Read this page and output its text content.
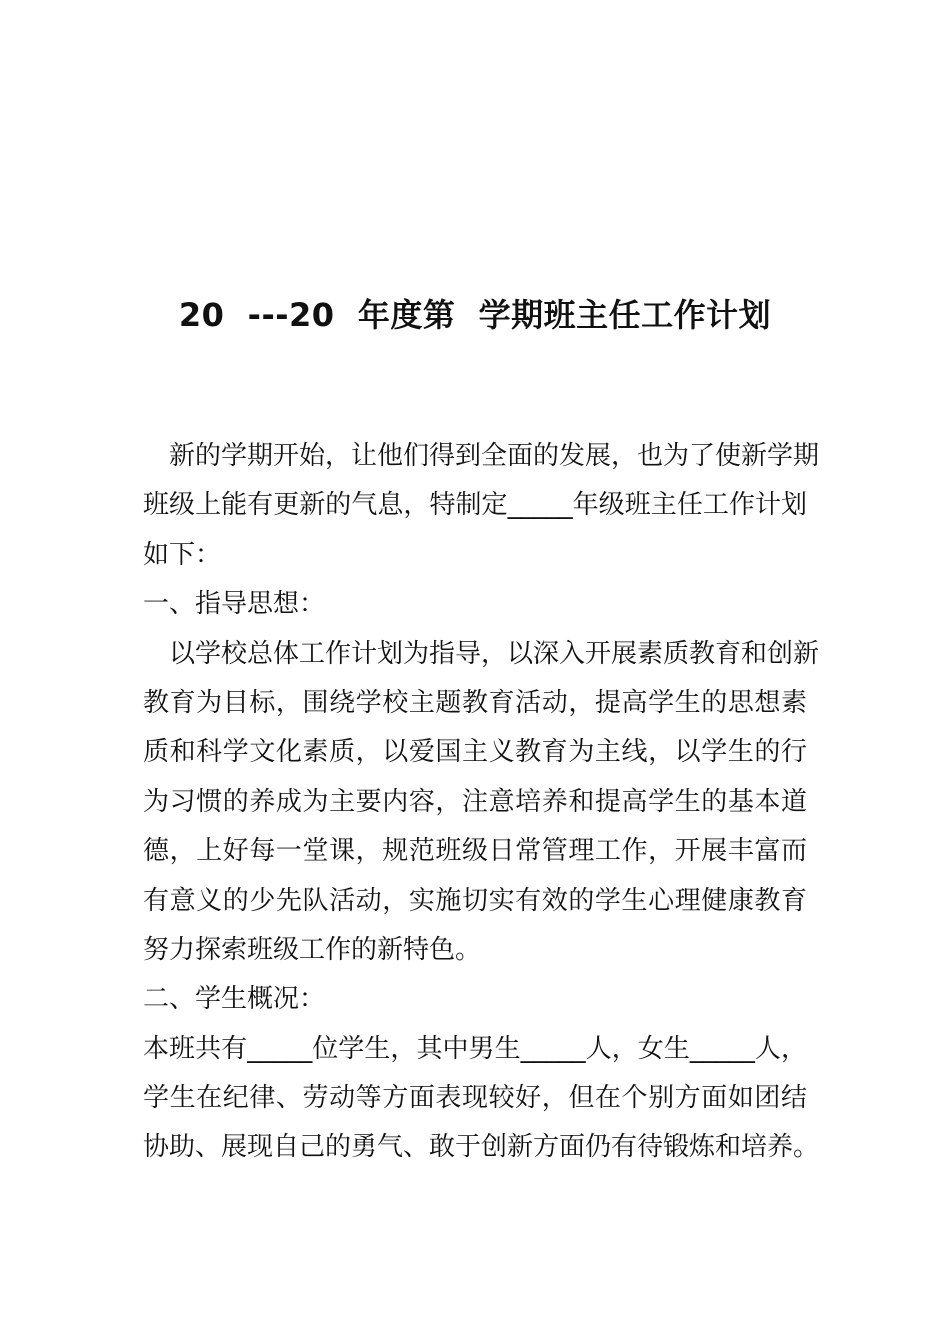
20  ---20  年度第  学期班主任工作计划
新的学期开始，让他们得到全面的发展，也为了使新学期
班级上能有更新的气息，特制定_____年级班主任工作计划
如下：
一、指导思想：
以学校总体工作计划为指导，以深入开展素质教育和创新
教育为目标，围绕学校主题教育活动，提高学生的思想素
质和科学文化素质，以爱国主义教育为主线，以学生的行
为习惯的养成为主要内容，注意培养和提高学生的基本道
德，上好每一堂课，规范班级日常管理工作，开展丰富而
有意义的少先队活动，实施切实有效的学生心理健康教育
努力探索班级工作的新特色。
二、学生概况：
本班共有_____位学生，其中男生_____人，女生_____人，
学生在纪律、劳动等方面表现较好，但在个别方面如团结
协助、展现自己的勇气、敢于创新方面仍有待锻炼和培养。
